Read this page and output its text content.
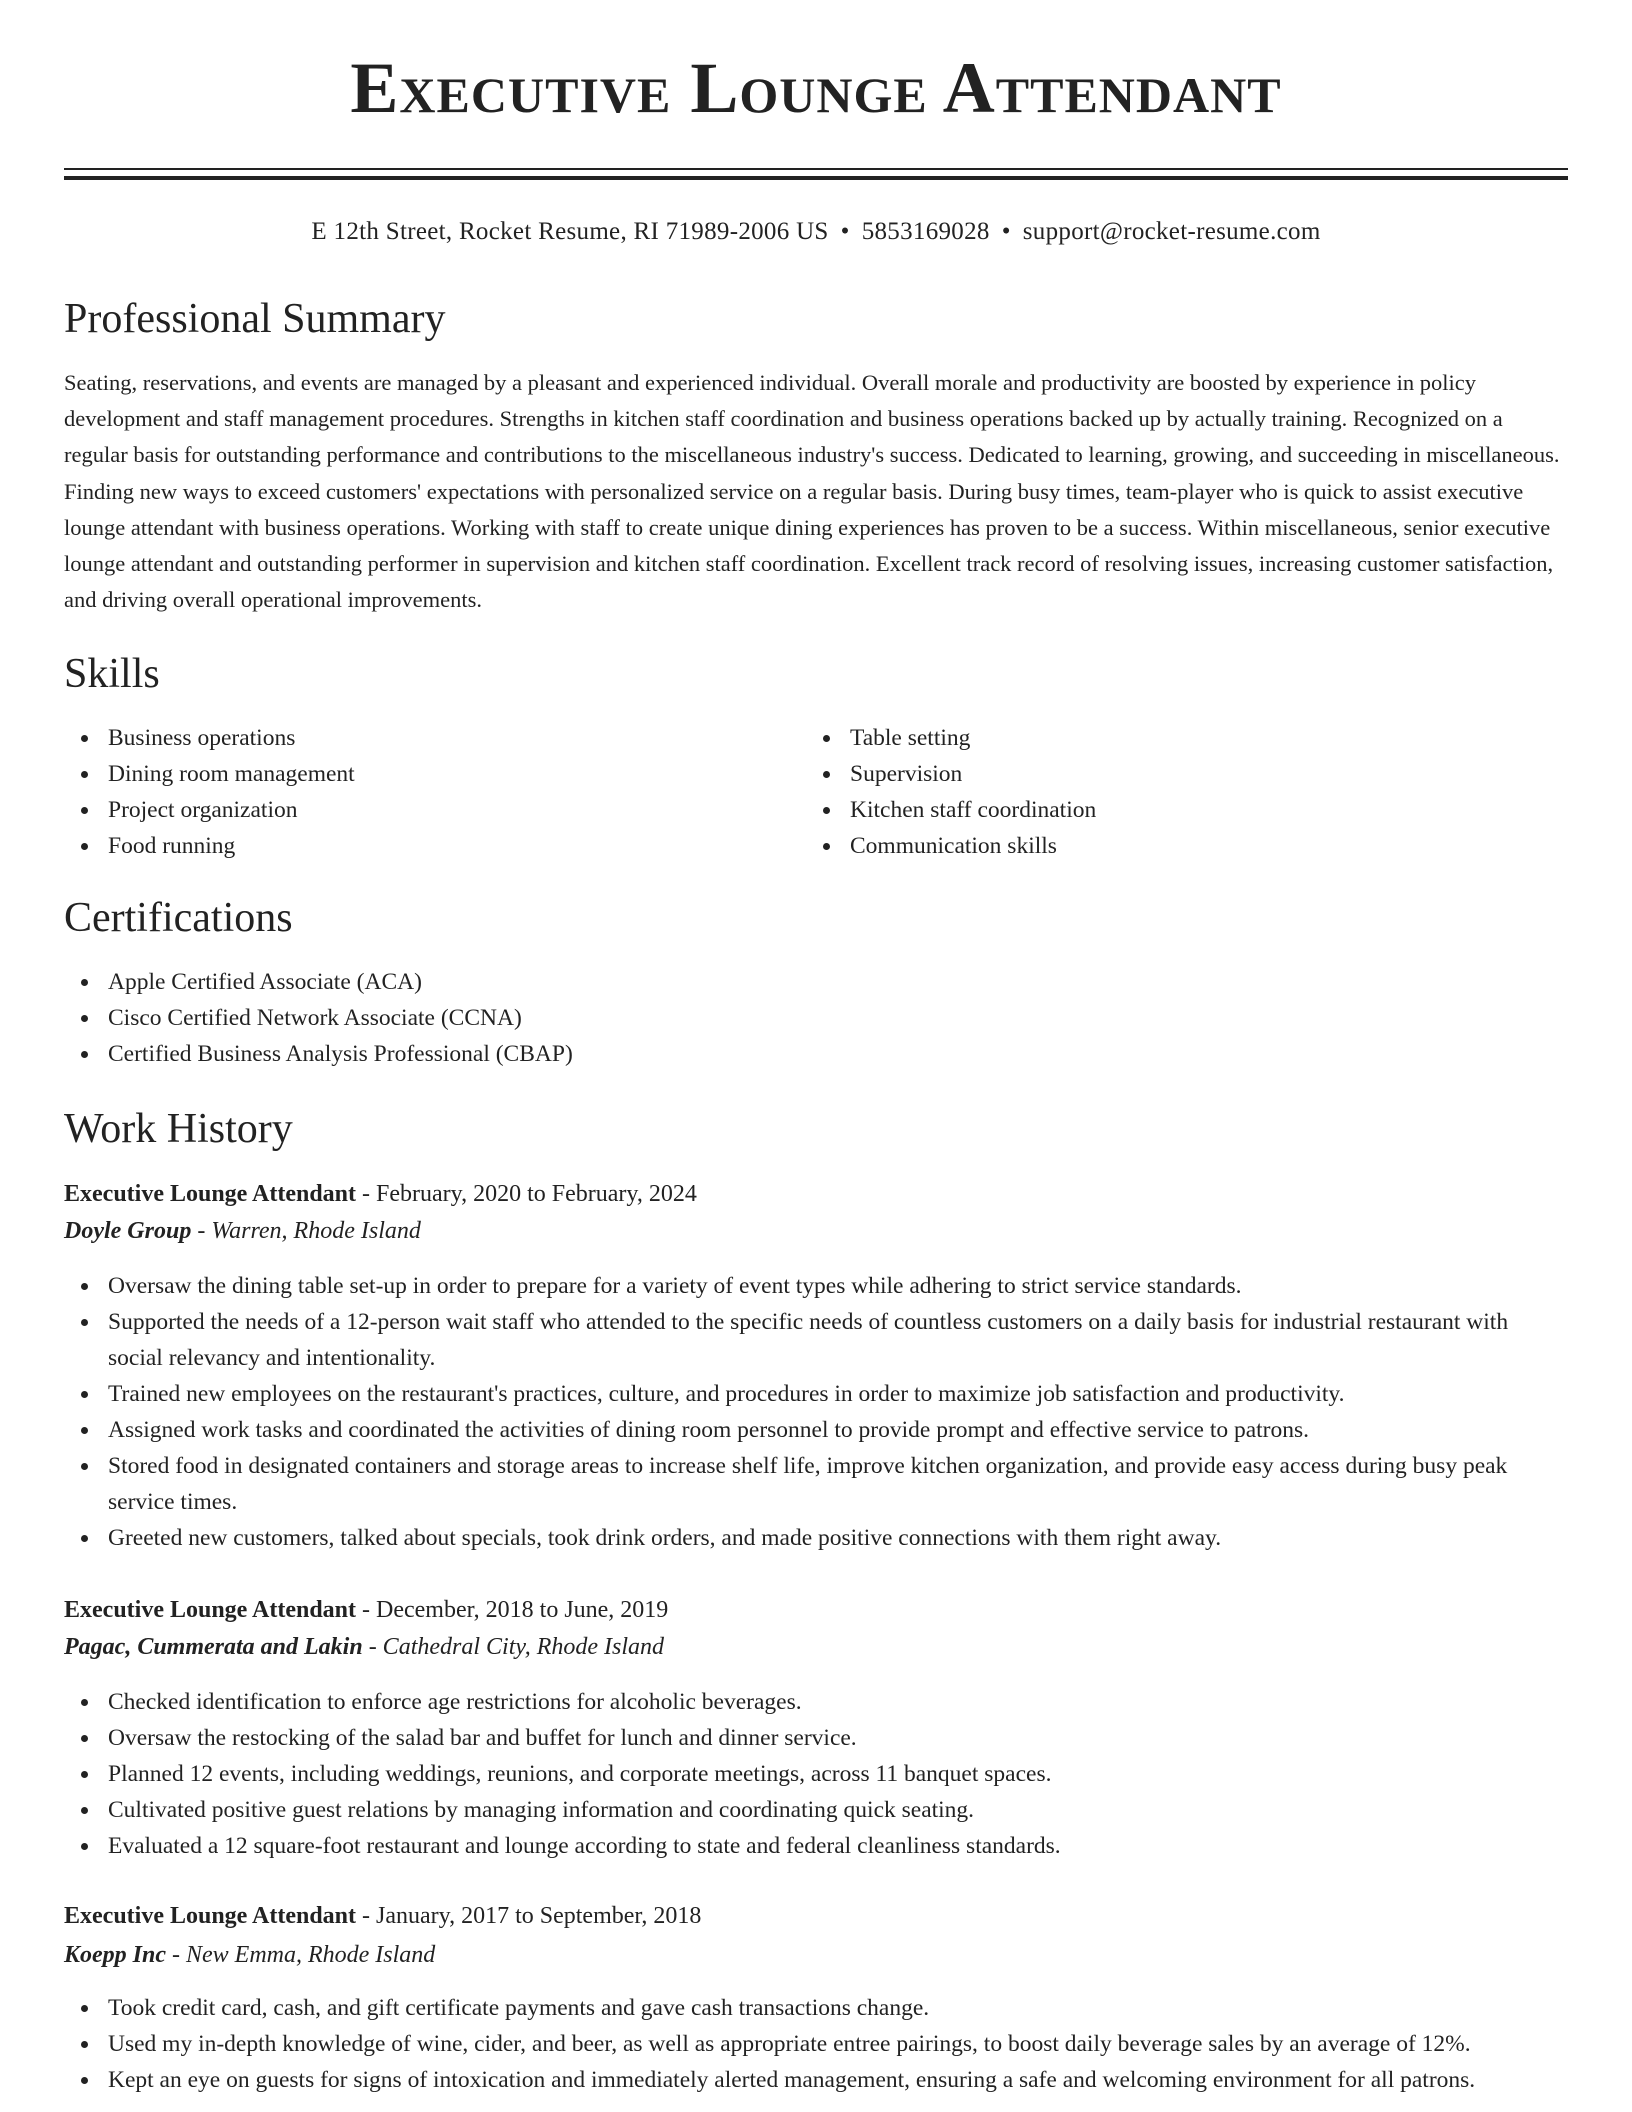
Executive Lounge Attendant
E 12th Street, Rocket Resume, RI 71989-2006 US • 5853169028 • support@rocket-resume.com
Professional Summary

Seating, reservations, and events are managed by a pleasant and experienced individual. Overall morale and productivity are boosted by experience in policy development and staff management procedures. Strengths in kitchen staff coordination and business operations backed up by actually training. Recognized on a regular basis for outstanding performance and contributions to the miscellaneous industry's success. Dedicated to learning, growing, and succeeding in miscellaneous. Finding new ways to exceed customers' expectations with personalized service on a regular basis. During busy times, team-player who is quick to assist executive lounge attendant with business operations. Working with staff to create unique dining experiences has proven to be a success. Within miscellaneous, senior executive lounge attendant and outstanding performer in supervision and kitchen staff coordination. Excellent track record of resolving issues, increasing customer satisfaction, and driving overall operational improvements.

Skills
Business operations
Dining room management
Project organization
Food running
Table setting
Supervision
Kitchen staff coordination
Communication skills
Certifications
Apple Certified Associate (ACA)
Cisco Certified Network Associate (CCNA)
Certified Business Analysis Professional (CBAP)
Work History
Executive Lounge Attendant - February, 2020 to February, 2024
Doyle Group - Warren, Rhode Island
Oversaw the dining table set-up in order to prepare for a variety of event types while adhering to strict service standards.
Supported the needs of a 12-person wait staff who attended to the specific needs of countless customers on a daily basis for industrial restaurant with social relevancy and intentionality.
Trained new employees on the restaurant's practices, culture, and procedures in order to maximize job satisfaction and productivity.
Assigned work tasks and coordinated the activities of dining room personnel to provide prompt and effective service to patrons.
Stored food in designated containers and storage areas to increase shelf life, improve kitchen organization, and provide easy access during busy peak service times.
Greeted new customers, talked about specials, took drink orders, and made positive connections with them right away.
Executive Lounge Attendant - December, 2018 to June, 2019
Pagac, Cummerata and Lakin - Cathedral City, Rhode Island
Checked identification to enforce age restrictions for alcoholic beverages.
Oversaw the restocking of the salad bar and buffet for lunch and dinner service.
Planned 12 events, including weddings, reunions, and corporate meetings, across 11 banquet spaces.
Cultivated positive guest relations by managing information and coordinating quick seating.
Evaluated a 12 square-foot restaurant and lounge according to state and federal cleanliness standards.
Executive Lounge Attendant - January, 2017 to September, 2018
Koepp Inc - New Emma, Rhode Island
Took credit card, cash, and gift certificate payments and gave cash transactions change.
Used my in-depth knowledge of wine, cider, and beer, as well as appropriate entree pairings, to boost daily beverage sales by an average of 12%.
Kept an eye on guests for signs of intoxication and immediately alerted management, ensuring a safe and welcoming environment for all patrons.
